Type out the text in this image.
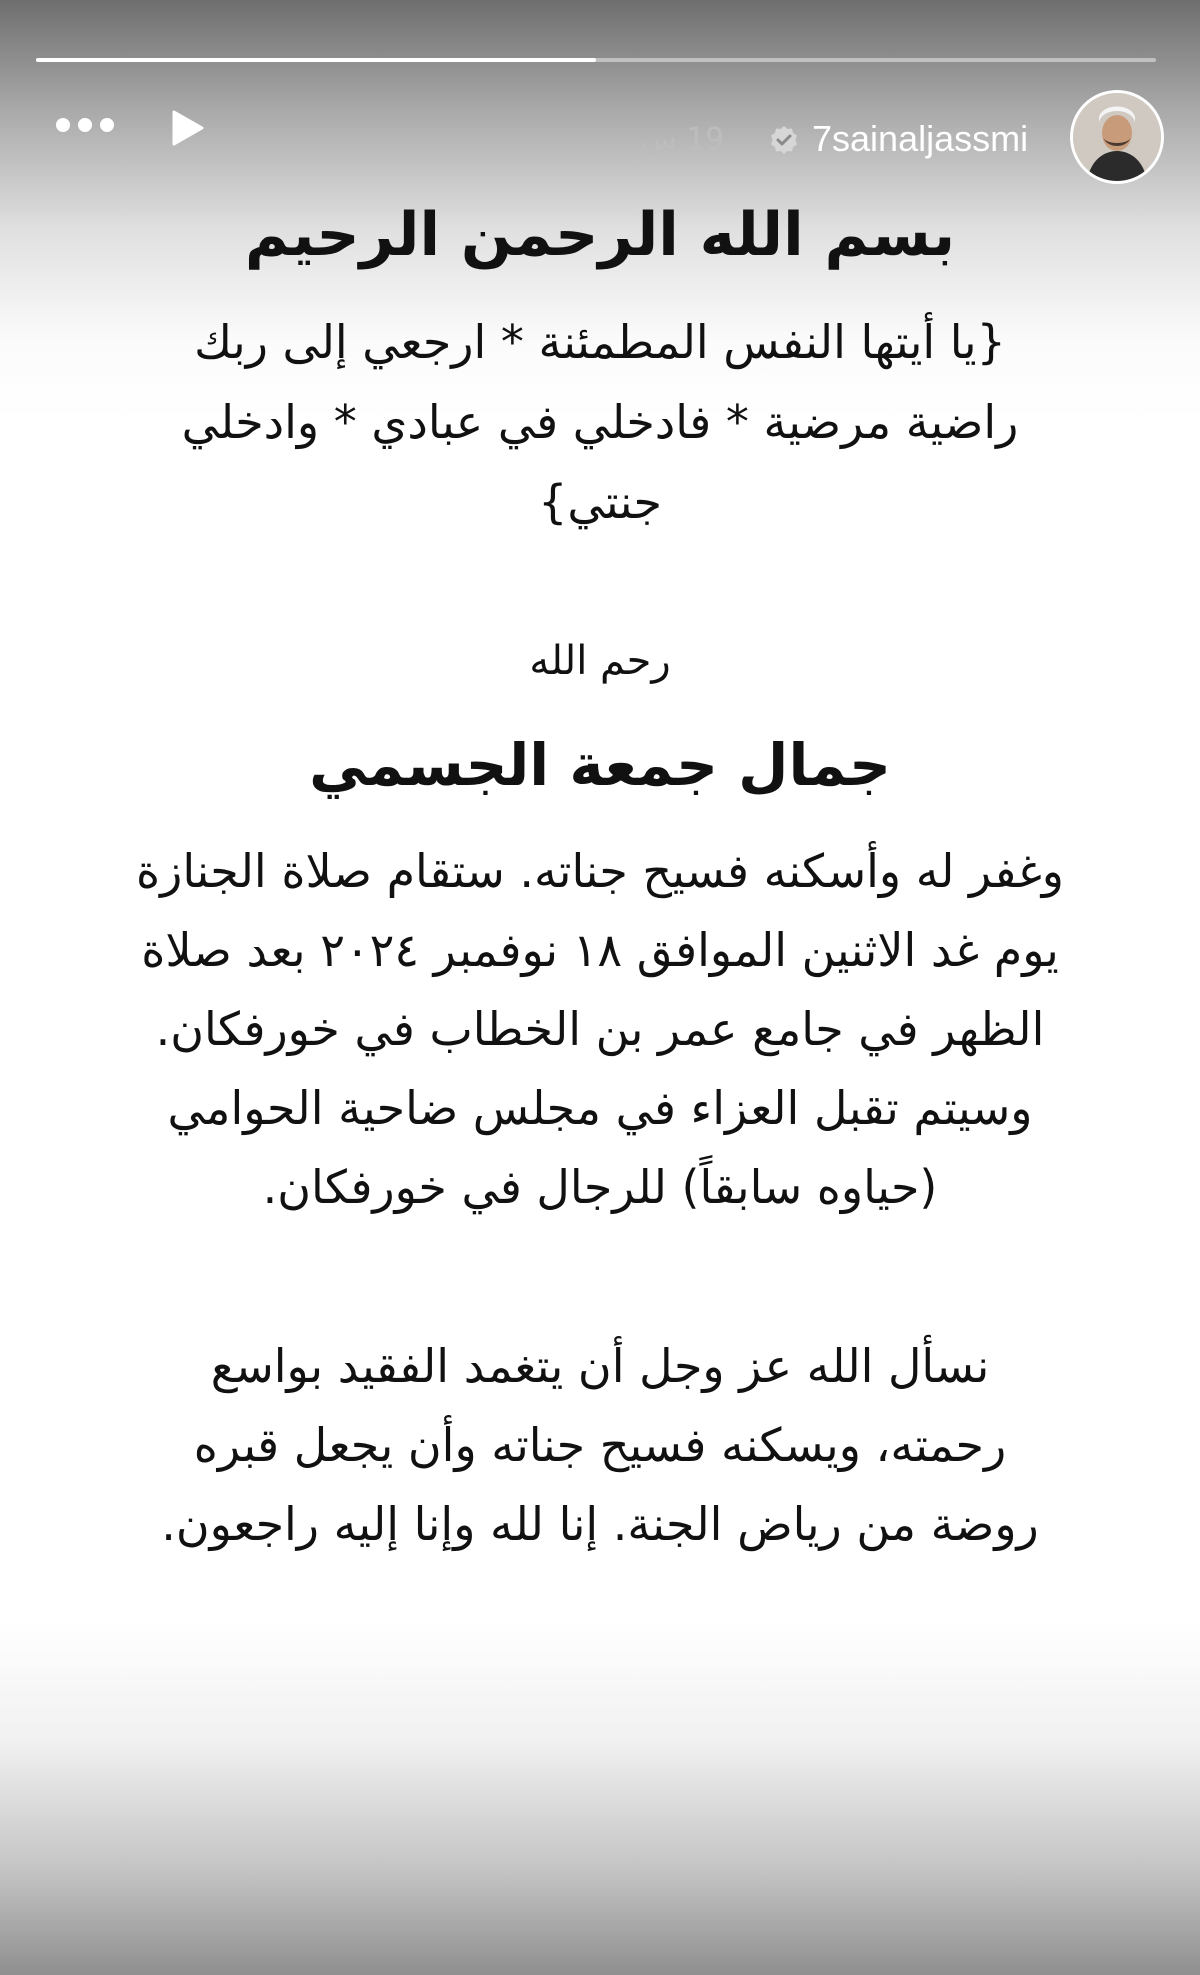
19 س 7sainaljassmi

بسم الله الرحمن الرحيم

{يا أيتها النفس المطمئنة * ارجعي إلى ربك راضية مرضية * فادخلي في عبادي * وادخلي جنتي}

رحم الله

جمال جمعة الجسمي

وغفر له وأسكنه فسيح جناته. ستقام صلاة الجنازة يوم غد الاثنين الموافق ١٨ نوفمبر ٢٠٢٤ بعد صلاة الظهر في جامع عمر بن الخطاب في خورفكان. وسيتم تقبل العزاء في مجلس ضاحية الحوامي (حياوه سابقاً) للرجال في خورفكان.

نسأل الله عز وجل أن يتغمد الفقيد بواسع رحمته، ويسكنه فسيح جناته وأن يجعل قبره روضة من رياض الجنة. إنا لله وإنا إليه راجعون.
